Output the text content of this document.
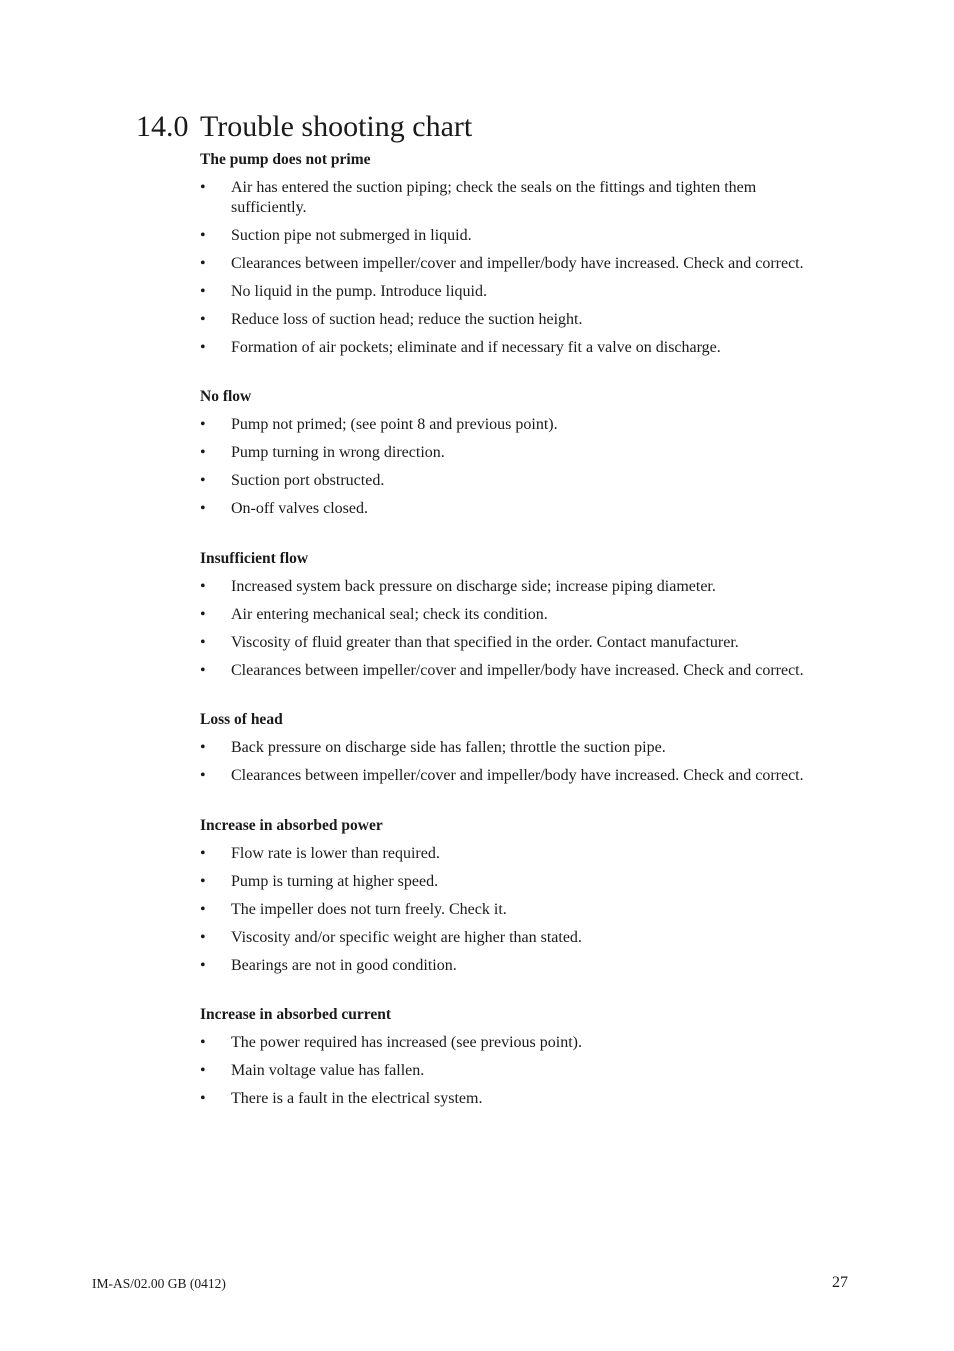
14.0 Trouble shooting chart
The pump does not prime
• Air has entered the suction piping; check the seals on the fittings and tighten them sufficiently.
• Suction pipe not submerged in liquid.
• Clearances between impeller/cover and impeller/body have increased. Check and correct.
• No liquid in the pump. Introduce liquid.
• Reduce loss of suction head; reduce the suction height.
• Formation of air pockets; eliminate and if necessary fit a valve on discharge.
No flow
• Pump not primed; (see point 8 and previous point).
• Pump turning in wrong direction.
• Suction port obstructed.
• On-off valves closed.
Insufficient flow
• Increased system back pressure on discharge side; increase piping diameter.
• Air entering mechanical seal; check its condition.
• Viscosity of fluid greater than that specified in the order. Contact manufacturer.
• Clearances between impeller/cover and impeller/body have increased. Check and correct.
Loss of head
• Back pressure on discharge side has fallen; throttle the suction pipe.
• Clearances between impeller/cover and impeller/body have increased. Check and correct.
Increase in absorbed power
• Flow rate is lower than required.
• Pump is turning at higher speed.
• The impeller does not turn freely. Check it.
• Viscosity and/or specific weight are higher than stated.
• Bearings are not in good condition.
Increase in absorbed current
• The power required has increased (see previous point).
• Main voltage value has fallen.
• There is a fault in the electrical system.
IM-AS/02.00 GB (0412)	27
